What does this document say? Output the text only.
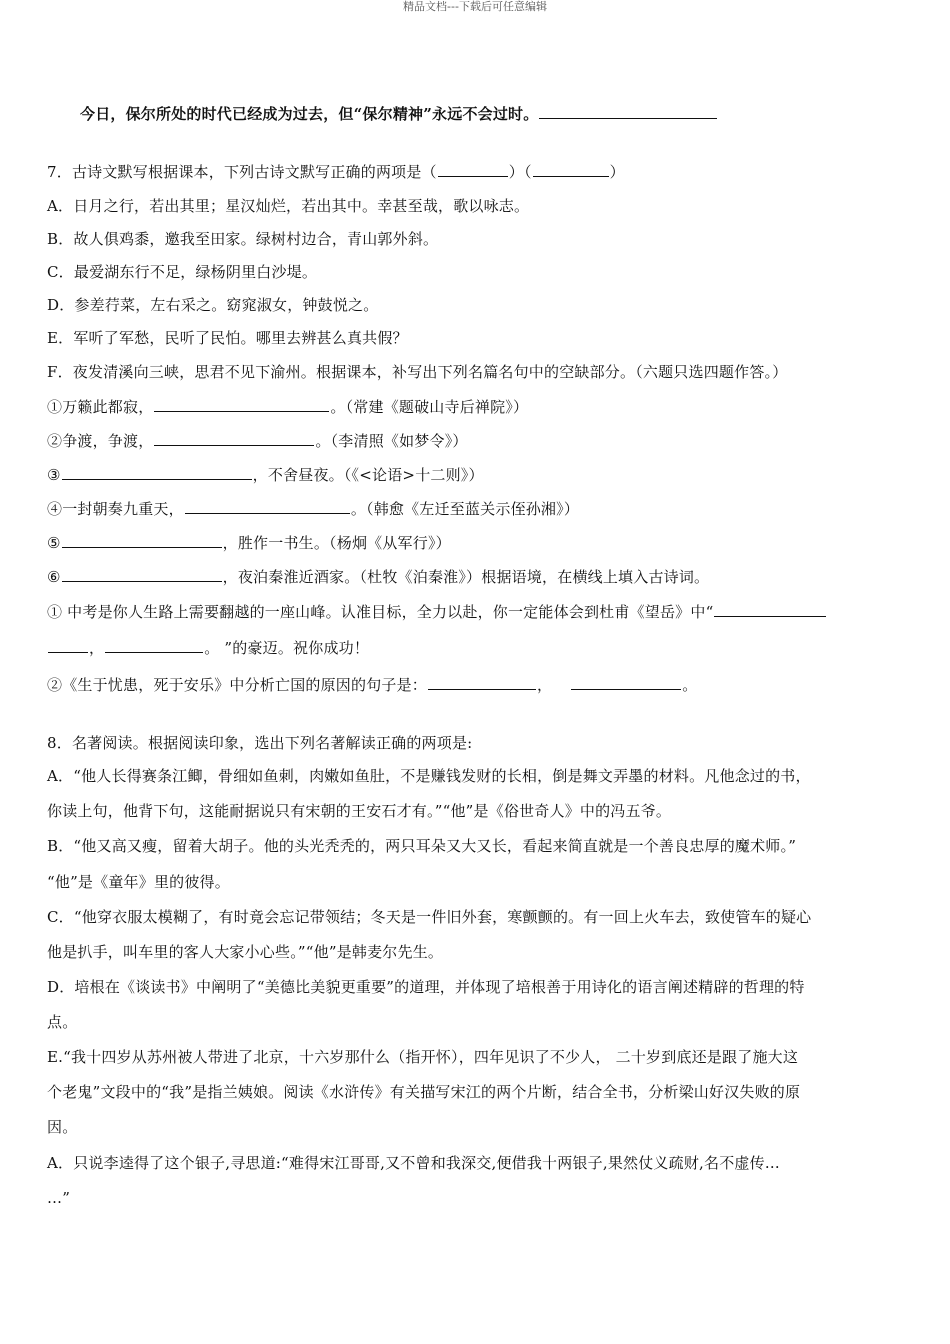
精品文档---下载后可任意编辑
今日，保尔所处的时代已经成为过去，但“保尔精神”永远不会过时。
7．古诗文默写根据课本，下列古诗文默写正确的两项是（	）（	）
A．日月之行，若出其里；星汉灿烂，若出其中。幸甚至哉，歌以咏志。
B．故人俱鸡黍，邀我至田家。绿树村边合，青山郭外斜。
C．最爱湖东行不足，绿杨阴里白沙堤。
D．参差荇菜，左右采之。窈窕淑女，钟鼓悦之。
E．军听了军愁，民听了民怕。哪里去辨甚么真共假？
F．夜发清溪向三峡，思君不见下渝州。根据课本，补写出下列名篇名句中的空缺部分。（六题只选四题作答。）
①万籁此都寂，	。（常建《题破山寺后禅院》）
②争渡，争渡，	。（李清照《如梦令》）
③	，不舍昼夜。（《<论语>十二则》）
④一封朝奏九重天，	。（韩愈《左迁至蓝关示侄孙湘》）
⑤	，胜作一书生。（杨炯《从军行》）
⑥	，夜泊秦淮近酒家。（杜牧《泊秦淮》）根据语境，在横线上填入古诗词。
① 中考是你人生路上需要翻越的一座山峰。认准目标，全力以赴，你一定能体会到杜甫《望岳》中“
，	。 ”的豪迈。祝你成功！
②《生于忧患，死于安乐》中分析亡国的原因的句子是：	，	。
8．名著阅读。根据阅读印象，选出下列名著解读正确的两项是:
A．“他人长得赛条江鲫，骨细如鱼刺，肉嫩如鱼肚，不是赚钱发财的长相，倒是舞文弄墨的材料。凡他念过的书，
你读上句，他背下句，这能耐据说只有宋朝的王安石才有。”“他”是《俗世奇人》中的冯五爷。
B．“他又高又瘦，留着大胡子。他的头光秃秃的，两只耳朵又大又长，看起来简直就是一个善良忠厚的魔术师。”
“他”是《童年》里的彼得。
C．“他穿衣服太模糊了，有时竟会忘记带领结；冬天是一件旧外套，寒颤颤的。有一回上火车去，致使管车的疑心
他是扒手，叫车里的客人大家小心些。”“他”是韩麦尔先生。
D．培根在《谈读书》中阐明了“美德比美貌更重要”的道理，并体现了培根善于用诗化的语言阐述精辟的哲理的特
点。
E.“我十四岁从苏州被人带进了北京，十六岁那什么（指开怀），四年见识了不少人， 二十岁到底还是跟了施大这
个老鬼”文段中的“我”是指兰姨娘。阅读《水浒传》有关描写宋江的两个片断，结合全书，分析梁山好汉失败的原
因。
A．只说李逵得了这个银子,寻思道:“难得宋江哥哥,又不曾和我深交,便借我十两银子,果然仗义疏财,名不虚传…
…”
